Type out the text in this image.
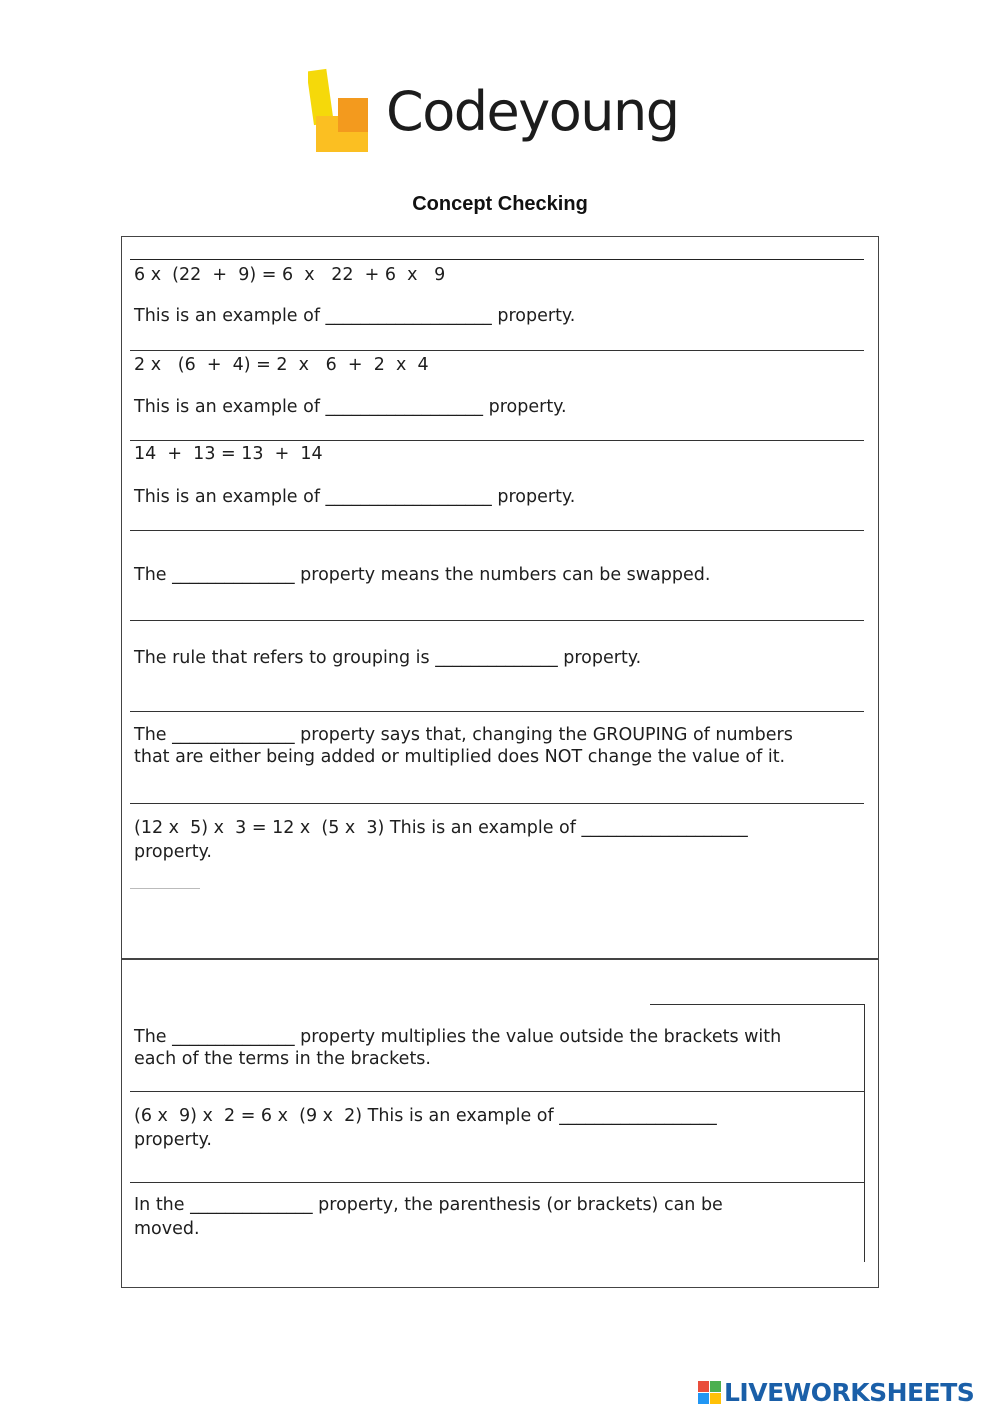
Codeyoung
Concept Checking
6 x  (22  +  9) = 6  x   22  + 6  x   9
This is an example of ___________________ property.
2 x   (6  +  4) = 2  x   6  +  2  x  4
This is an example of __________________ property.
14  +  13 = 13  +  14
This is an example of ___________________ property.
The ______________ property means the numbers can be swapped.
The rule that refers to grouping is ______________ property.
The ______________ property says that, changing the GROUPING of numbers that are either being added or multiplied does NOT change the value of it.
(12 x  5) x  3 = 12 x  (5 x  3) This is an example of ___________________
property.
The ______________ property multiplies the value outside the brackets with
each of the terms in the brackets.
(6 x  9) x  2 = 6 x  (9 x  2) This is an example of __________________
property.
In the ______________ property, the parenthesis (or brackets) can be
moved.
LIVEWORKSHEETS
